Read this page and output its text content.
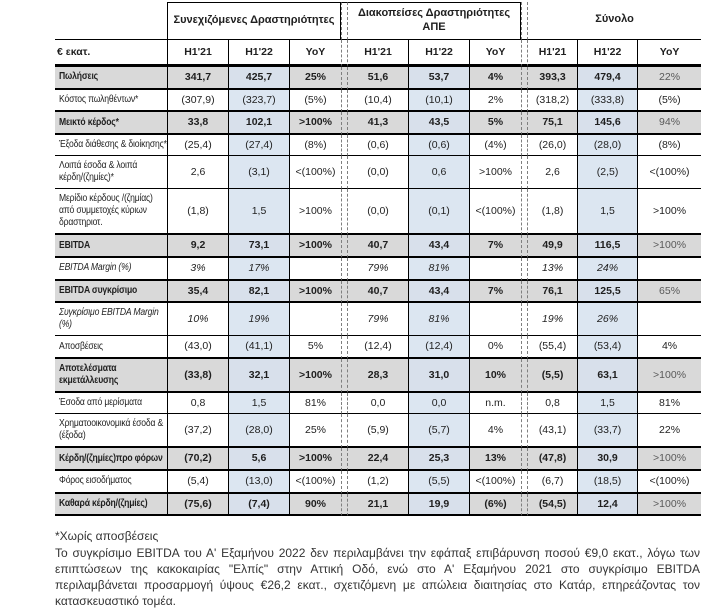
	Συνεχιζόμενες Δραστηριότητες				Διακοπείσες Δραστηριότητες ΑΠΕ				Σύνολο		
€ εκατ.	H1'21	H1'22	YoY		H1'21	H1'22	YoY		H1'21	H1'22	YoY
Πωλήσεις	341,7	425,7	25%		51,6	53,7	4%		393,3	479,4	22%
Κόστος πωληθέντων*	(307,9)	(323,7)	(5%)		(10,4)	(10,1)	2%		(318,2)	(333,8)	(5%)
Μεικτό κέρδος*	33,8	102,1	>100%		41,3	43,5	5%		75,1	145,6	94%
Έξοδα διάθεσης & διοίκησης*	(25,4)	(27,4)	(8%)		(0,6)	(0,6)	(4%)		(26,0)	(28,0)	(8%)
Λοιπά έσοδα & λοιπά κέρδη/(ζημίες)*	2,6	(3,1)	<(100%)		(0,0)	0,6	>100%		2,6	(2,5)	<(100%)
Μερίδιο κέρδους /(ζημίας) από συμμετοχές κύριων δραστηριοτ.	(1,8)	1,5	>100%		(0,0)	(0,1)	<(100%)		(1,8)	1,5	>100%
EBITDA	9,2	73,1	>100%		40,7	43,4	7%		49,9	116,5	>100%
EBITDA Margin (%)	3%	17%			79%	81%			13%	24%	
EBITDA συγκρίσιμο	35,4	82,1	>100%		40,7	43,4	7%		76,1	125,5	65%
Συγκρίσιμο EBITDA Margin (%)	10%	19%			79%	81%			19%	26%	
Αποσβέσεις	(43,0)	(41,1)	5%		(12,4)	(12,4)	0%		(55,4)	(53,4)	4%
Αποτελέσματα εκμετάλλευσης	(33,8)	32,1	>100%		28,3	31,0	10%		(5,5)	63,1	>100%
Έσοδα από μερίσματα	0,8	1,5	81%		0,0	0,0	n.m.		0,8	1,5	81%
Χρηματοοικονομικά έσοδα & (έξοδα)	(37,2)	(28,0)	25%		(5,9)	(5,7)	4%		(43,1)	(33,7)	22%
Κέρδη/(ζημίες)προ φόρων	(70,2)	5,6	>100%		22,4	25,3	13%		(47,8)	30,9	>100%
Φόρος εισοδήματος	(5,4)	(13,0)	<(100%)		(1,2)	(5,5)	<(100%)		(6,7)	(18,5)	<(100%)
Καθαρά κέρδη/(ζημίες)	(75,6)	(7,4)	90%		21,1	19,9	(6%)		(54,5)	12,4	>100%

*Χωρίς αποσβέσεις

Το συγκρίσιμο EBITDA του Α' Εξαμήνου 2022 δεν περιλαμβάνει την εφάπαξ επιβάρυνση ποσού €9,0 εκατ., λόγω των επιπτώσεων της κακοκαιρίας "Ελπίς" στην Αττική Οδό, ενώ στο Α' Εξαμήνου 2021 στο συγκρίσιμο EBITDA περιλαμβάνεται προσαρμογή ύψους €26,2 εκατ., σχετιζόμενη με απώλεια διαιτησίας στο Κατάρ, επηρεάζοντας τον κατασκευαστικό τομέα.
